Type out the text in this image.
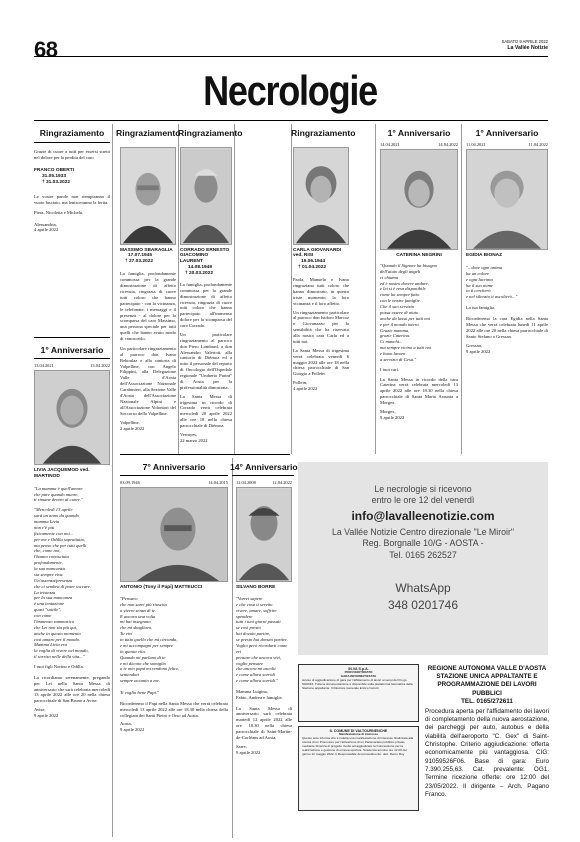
68	SABATO 9 APRILE 2022
La Vallée Notizie
Necrologie
Ringraziamento
Grazie di cuore a tutti per essersi stretti nel dolore per la perdita del caro
FRANCO OBERTI
31.05.1933
† 31.03.2022
Le vostre parole non riempiranno il vuoto lasciato, ma lenisceranno la ferita.
Piera, Nicoletta e Michela.
Alessandria,
4 aprile 2022
1° Anniversario
13.04.2021	13.04.2022
LIVIA JACQUEMOD ved. MARTINOD
"La mamma è quell'amore
che pure quando muore,
ti rimane dentro al cuore."
"Mercoledì 13 aprile
sarà un anno da quando
mamma Livia
non c'è più
fisicamente con noi...
per me e Odilla soprattutto,
ma penso che per tutti quelli
che, come noi,
l'hanno conosciuta
profondamente,
la sua mancanza
sia sempre viva.
Un'assenza/presenza
che ci sembra di poter toccare.
La tristezza
per la sua mancanza
è una tentazione
quasi "sottile",
con come
l'immenso rammarico
che Lei non sia più qui,
anche in questo momento
così amaro per il mondo.
Mamma Livia era
la voglia di vivere nel mondo,
il sorriso nelle della vita..."
I tuoi figli Norino e Odilla.
La ricordiamo serenamente, pregando per Lei nella Santa Messa di anniversario che sarà celebrata mercoledì 13 aprile 2022 alle ore 20 nella chiesa parrocchiale di San Bruno a Avise.
Avise,
9 aprile 2022
Ringraziamento
MASSIMO SBARAGLIA
17.07.1945
† 27.03.2022
La famiglia, profondamente commossa per la grande dimostrazione di affetto ricevuta, ringrazia di cuore tutti coloro che hanno partecipato - con la vicinanza, le telefonate, i messaggi e il presenza - al dolore per la scomparsa del caro Massimo, una persona speciale per tutti quelli che hanno avuto modo di conoscerlo.
Un particolare ringraziamento al parroco don Ivano Reboulaz e alla cantoria di Valpelline, con Angelo Filippini, alla Delegazione Valle d'Aosta dell'Associazione Nazionale Carabinieri, alla Sezione Valle d'Aosta dell'Associazione Nazionale Alpini e all'Associazione Volontari del Soccorso della Valpelline.
Valpelline,
2 aprile 2022
Ringraziamento
CORRADO ERNESTO GIACOMINO LAURENT
14.08.1949
† 20.03.2022
La famiglia, profondamente commossa per la grande dimostrazione di affetto ricevuta, ringrazia di cuore tutti coloro che hanno partecipato all'immenso dolore per la scomparsa del caro Corrado.
Un particolare ringraziamento al parroco don Piero Lombard, a don Alessandro Valerioti, alla cantoria di Diémoz ed a tutto il personale del reparto di Oncologia dell'Ospedale regionale "Umberto Parini" di Aosta per la professionalità dimostrata.
La Santa Messa di trigesima in ricordo di Corrado verrà celebrata mercoledì 20 aprile 2022 alle ore 18 nella chiesa parrocchiale di Diémoz.
Verrayes,
22 marzo 2022
Ringraziamento
CARLA GIOVANARDI ved. RISI
19.06.1944
† 01.04.2022
Paola, Manuela e Ivano ringraziano tutti coloro che hanno dimostrato, in questo triste momento, la loro vicinanza e il loro affetto.
Un ringraziamento particolare al parroco don Isidoro Marcoz e Giovanazzo per la sensibilità che ha riservato alla nostra cara Carla ed a tutti noi.
La Santa Messa di trigesima verrà celebrata venerdì 6 maggio 2022 alle ore 18 nella chiesa parrocchiale di San Giorgio a Pollein.
Pollein,
4 aprile 2022
1° Anniversario
14.04.2021	14.04.2022
CATERINA NEGRINI
"Quando il Signore ha bisogno
dell'aiuto degli angeli
ci chiama
ed è nostro dovere andare,
e lei si è resa disponibile
come ha sempre fatto
con le nostre famiglie.
Che il suo servizio
possa essere di aiuto
anche da lassù per tutti noi
e per il mondo intero.
Grazie mamma,
grazie Caterina.
Ci manchi...
ma sempre vicino a tutti noi
e buon lavoro
a servizio di Gesù."
I tuoi cari.
La Santa Messa in ricordo della cara Caterina verrà celebrata mercoledì 13 aprile 2022 alle ore 18.30 nella chiesa parrocchiale di Santa Maria Assunta a Morgex.
Morgex,
9 aprile 2022
1° Anniversario
11.04.2021	11.04.2022
EGIDIA BIONAZ
"...dove ogni anima
ha un colore
e ogni lacrima
ha il suo nome
io ti cercherò
e nel silenzio ti ascolterò..."
La tua famiglia.
Ricorderemo la cara Egidia nella Santa Messa che verrà celebrata lunedì 11 aprile 2022 alle ore 20 nella chiesa parrocchiale di Santo Stefano a Gressan.
Gressan,
9 aprile 2022
7° Anniversario
03.09.1946	14.04.2015
ANTONIO (Tony il Papi) MATTEUCCI
"Pensavo
che non sarei più riuscita
a vivere senza di te.
E ancora una volta
mi hai insegnato
che mi sbagliavo.
Tu vivi
in tutto quello che mi circonda,
e mi accompagni per sempre
in questa vita.
Quando mi parlano di te
e mi dicono che somiglio
a te mio papà mi rendono felice,
sentendoti
sempre accanto a me.

Ti voglio bene Papi."
Ricorderemo il Papi nella Santa Messa che verrà celebrata mercoledì 13 aprile 2022 alle ore 18.30 nella chiesa della collegiata dei Santi Pietro e Orso ad Aosta.
Aosta,
9 aprile 2022
14° Anniversario
12.04.2008	12.04.2022
SILVANO BORRE
"Vorrei sapere
e che cosa ti servito
vivere, amare, soffrire
spendere
tutti i tuoi giorni passati
se così presto
hai dovuto partire,
se presto hai dovuto partire.
Voglio però ricordarti come eri
pensare che ancora vivi,
voglio pensare
che ancora mi ascolti
e come allora sorridi
e come allora sorridi."
Mamma Luigina,
Fabio, Andrea e famiglie.
La Santa Messa di anniversario sarà celebrata martedì 12 aprile 2022 alle ore 18.30 nella chiesa parrocchiale di Saint-Martin-de-Corléans ad Aosta.
Sarre,
9 aprile 2022
Le necrologie si ricevono
entro le ore 12 del venerdì
info@lavalleenotizie.com
La Vallée Notizie Centro direzionale "Le Miroir"
Reg. Borgnalle 10/G - AOSTA -
Tel. 0165 262527
WhatsApp
348 0201746
IN.VA S.p.A.
PROVVEDITORATO
GARA INFORMATIZZATA
Avviso di aggiudicazione di gara per l'affidamento di lavori ai sensi del D.Lgs. 50/2016. Tutta la documentazione è disponibile sulla piattaforma telematica della Stazione appaltante. Il Direttore Generale Enrico Cerutti
IL COMUNE DI VALTOURNENCHE
Manifestazione di interesse
Questo ente informa che è indetta una manifestazione di interesse finalizzata alla ricerca di un Promotore per l'attivazione di un Partenariato pubblico-privato, mediante Finanza di progetto rivolto ad aggiudicare la Concessione per la realizzazione e gestione di un'area sportiva. Scadenza termine ore 12.00 del giorno 12 maggio 2022. Il Responsabile del procedimento: dott. Remo Ruy
REGIONE AUTONOMA VALLE D'AOSTA
STAZIONE UNICA APPALTANTE E
PROGRAMMAZIONE DEI LAVORI PUBBLICI
TEL. 0165/272611
Procedura aperta per l'affidamento dei lavori di completamento della nuova aerostazione, dei parcheggi per auto, autobus e della viabilità dell'aeroporto "C. Gex" di Saint-Christophe. Criterio aggiudicazione: offerta economicamente più vantaggiosa. CIG: 91059526F06. Base di gara: Euro 7.390.255,63. Cat. prevalente: OG1. Termine ricezione offerte: ore 12:00 del 23/05/2022. Il dirigente – Arch. Pagano Franco.
